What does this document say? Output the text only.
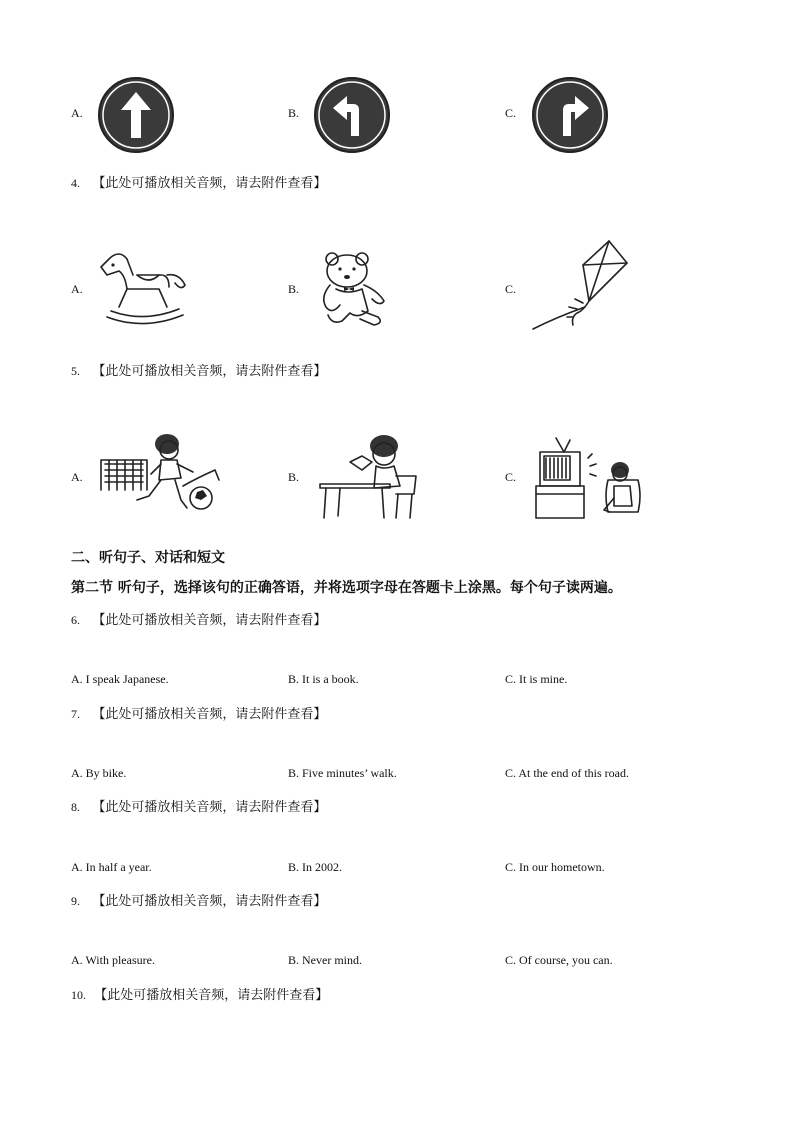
A.	B.	C.
4. 【此处可播放相关音频，请去附件查看】
A.	B.	C.
5. 【此处可播放相关音频，请去附件查看】
A.	B.	C.
二、听句子、对话和短文
第二节 听句子，选择该句的正确答语，并将选项字母在答题卡上涂黑。每个句子读两遍。
6. 【此处可播放相关音频，请去附件查看】
A. I speak Japanese.	B. It is a book.	C. It is mine.
7. 【此处可播放相关音频，请去附件查看】
A. By bike.	B. Five minutes’ walk.	C. At the end of this road.
8. 【此处可播放相关音频，请去附件查看】
A. In half a year.	B. In 2002.	C. In our hometown.
9. 【此处可播放相关音频，请去附件查看】
A. With pleasure.	B. Never mind.	C. Of course, you can.
10. 【此处可播放相关音频，请去附件查看】
